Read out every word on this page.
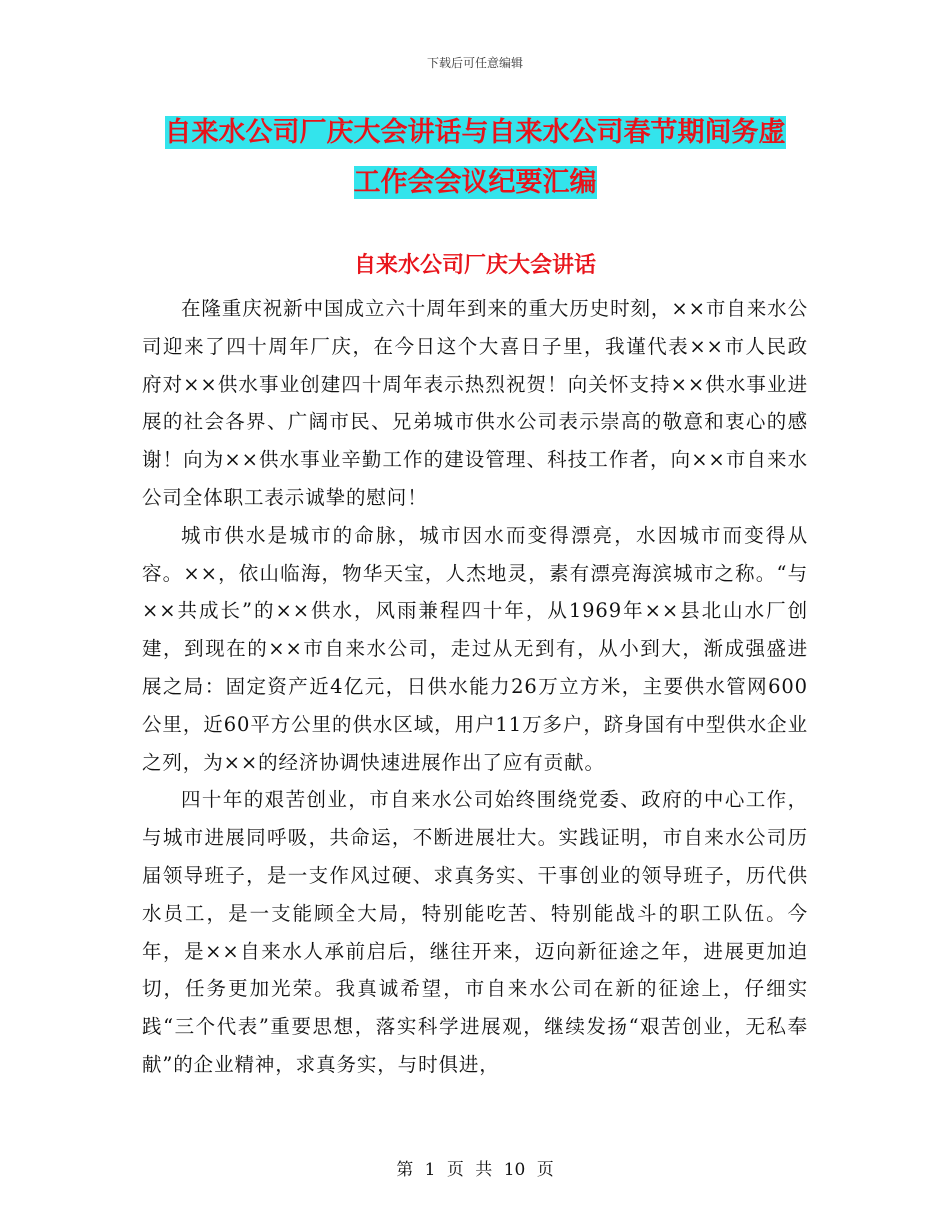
下载后可任意编辑
自来水公司厂庆大会讲话与自来水公司春节期间务虚
工作会会议纪要汇编
自来水公司厂庆大会讲话

在隆重庆祝新中国成立六十周年到来的重大历史时刻，××市自来水公司迎来了四十周年厂庆，在今日这个大喜日子里，我谨代表××市人民政府对××供水事业创建四十周年表示热烈祝贺！向关怀支持××供水事业进展的社会各界、广阔市民、兄弟城市供水公司表示崇高的敬意和衷心的感谢！向为××供水事业辛勤工作的建设管理、科技工作者，向××市自来水公司全体职工表示诚挚的慰问！

城市供水是城市的命脉，城市因水而变得漂亮，水因城市而变得从容。××，依山临海，物华天宝，人杰地灵，素有漂亮海滨城市之称。“与××共成长”的××供水，风雨兼程四十年，从1969年××县北山水厂创建，到现在的××市自来水公司，走过从无到有，从小到大，渐成强盛进展之局：固定资产近4亿元，日供水能力26万立方米，主要供水管网600公里，近60平方公里的供水区域，用户11万多户，跻身国有中型供水企业之列，为××的经济协调快速进展作出了应有贡献。

四十年的艰苦创业，市自来水公司始终围绕党委、政府的中心工作，与城市进展同呼吸，共命运，不断进展壮大。实践证明，市自来水公司历届领导班子，是一支作风过硬、求真务实、干事创业的领导班子，历代供水员工，是一支能顾全大局，特别能吃苦、特别能战斗的职工队伍。今年，是××自来水人承前启后，继往开来，迈向新征途之年，进展更加迫切，任务更加光荣。我真诚希望，市自来水公司在新的征途上，仔细实践“三个代表”重要思想，落实科学进展观，继续发扬“艰苦创业，无私奉献”的企业精神，求真务实，与时俱进，

第 1 页 共 10 页
